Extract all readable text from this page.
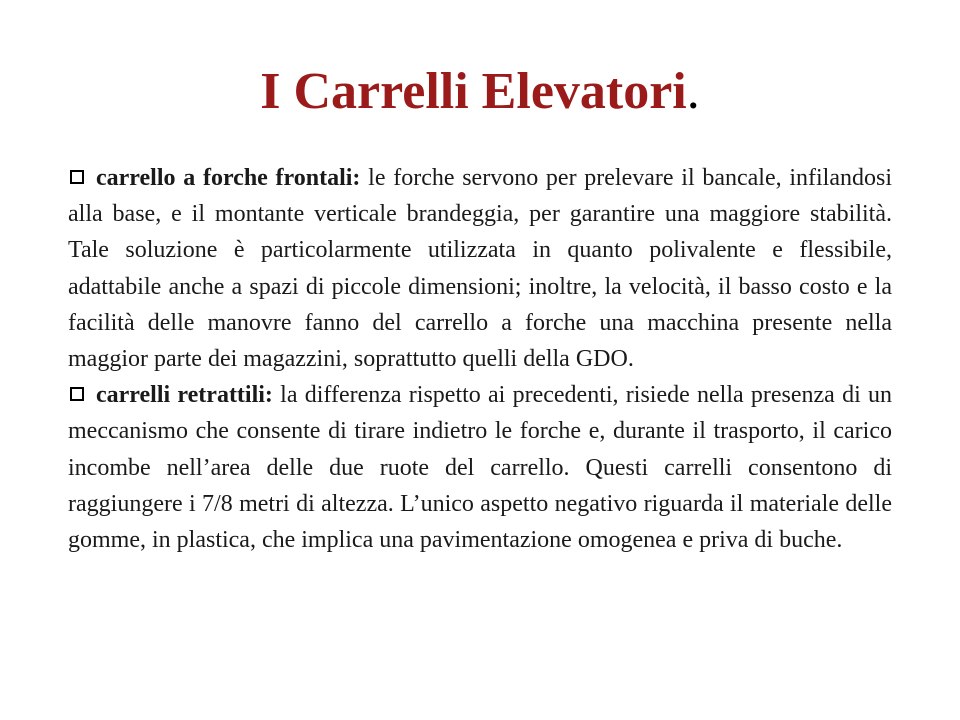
I Carrelli Elevatori.

carrello a forche frontali: le forche servono per prelevare il bancale, infilandosi alla base, e il montante verticale brandeggia, per garantire una maggiore stabilità. Tale soluzione è particolarmente utilizzata in quanto polivalente e flessibile, adattabile anche a spazi di piccole dimensioni; inoltre, la velocità, il basso costo e la facilità delle manovre fanno del carrello a forche una macchina presente nella maggior parte dei magazzini, soprattutto quelli della GDO.

carrelli retrattili: la differenza rispetto ai precedenti, risiede nella presenza di un meccanismo che consente di tirare indietro le forche e, durante il trasporto, il carico incombe nell’area delle due ruote del carrello. Questi carrelli consentono di raggiungere i 7/8 metri di altezza. L’unico aspetto negativo riguarda il materiale delle gomme, in plastica, che implica una pavimentazione omogenea e priva di buche.
